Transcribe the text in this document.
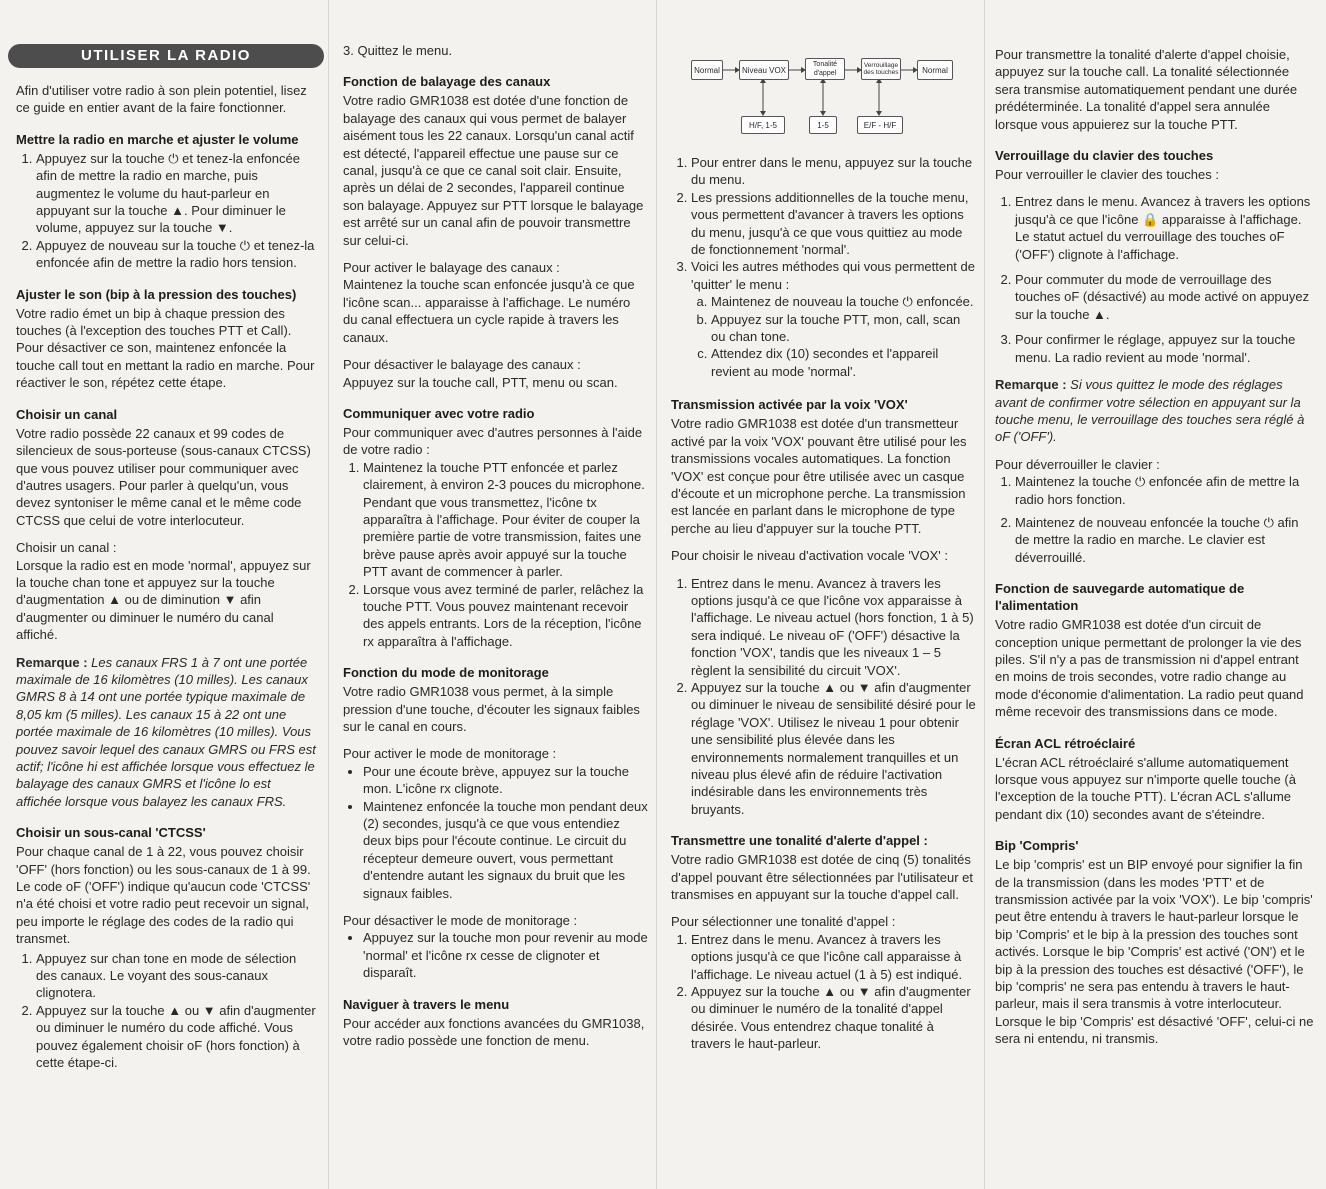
UTILISER LA RADIO

Afin d'utiliser votre radio à son plein potentiel, lisez ce guide en entier avant de la faire fonctionner.

Mettre la radio en marche et ajuster le volume
1. Appuyez sur la touche ⏻ et tenez-la enfoncée afin de mettre la radio en marche, puis augmentez le volume du haut-parleur en appuyant sur la touche ▲. Pour diminuer le volume, appuyez sur la touche ▼.
2. Appuyez de nouveau sur la touche ⏻ et tenez-la enfoncée afin de mettre la radio hors tension.
Ajuster le son (bip à la pression des touches)

Votre radio émet un bip à chaque pression des touches (à l'exception des touches PTT et Call). Pour désactiver ce son, maintenez enfoncée la touche call tout en mettant la radio en marche. Pour réactiver le son, répétez cette étape.

Choisir un canal

Votre radio possède 22 canaux et 99 codes de silencieux de sous-porteuse (sous-canaux CTCSS) que vous pouvez utiliser pour communiquer avec d'autres usagers. Pour parler à quelqu'un, vous devez syntoniser le même canal et le même code CTCSS que celui de votre interlocuteur.

Choisir un canal :

Lorsque la radio est en mode 'normal', appuyez sur la touche chan tone et appuyez sur la touche d'augmentation ▲ ou de diminution ▼ afin d'augmenter ou diminuer le numéro du canal affiché.

Remarque : Les canaux FRS 1 à 7 ont une portée maximale de 16 kilomètres (10 milles). Les canaux GMRS 8 à 14 ont une portée typique maximale de 8,05 km (5 milles). Les canaux 15 à 22 ont une portée maximale de 16 kilomètres (10 milles). Vous pouvez savoir lequel des canaux GMRS ou FRS est actif; l'icône hi est affichée lorsque vous effectuez le balayage des canaux GMRS et l'icône lo est affichée lorsque vous balayez les canaux FRS.

Choisir un sous-canal 'CTCSS'

Pour chaque canal de 1 à 22, vous pouvez choisir 'OFF' (hors fonction) ou les sous-canaux de 1 à 99. Le code oF ('OFF') indique qu'aucun code 'CTCSS' n'a été choisi et votre radio peut recevoir un signal, peu importe le réglage des codes de la radio qui transmet.

1. Appuyez sur chan tone en mode de sélection des canaux. Le voyant des sous-canaux clignotera.
2. Appuyez sur la touche ▲ ou ▼ afin d'augmenter ou diminuer le numéro du code affiché. Vous pouvez également choisir oF (hors fonction) à cette étape-ci.

3. Quittez le menu.

Fonction de balayage des canaux

Votre radio GMR1038 est dotée d'une fonction de balayage des canaux qui vous permet de balayer aisément tous les 22 canaux. Lorsqu'un canal actif est détecté, l'appareil effectue une pause sur ce canal, jusqu'à ce que ce canal soit clair. Ensuite, après un délai de 2 secondes, l'appareil continue son balayage. Appuyez sur PTT lorsque le balayage est arrêté sur un canal afin de pouvoir transmettre sur celui-ci.

Pour activer le balayage des canaux :

Maintenez la touche scan enfoncée jusqu'à ce que l'icône scan... apparaisse à l'affichage. Le numéro du canal effectuera un cycle rapide à travers les canaux.

Pour désactiver le balayage des canaux :

Appuyez sur la touche call, PTT, menu ou scan.

Communiquer avec votre radio

Pour communiquer avec d'autres personnes à l'aide de votre radio :

1. Maintenez la touche PTT enfoncée et parlez clairement, à environ 2-3 pouces du microphone. Pendant que vous transmettez, l'icône tx apparaîtra à l'affichage. Pour éviter de couper la première partie de votre transmission, faites une brève pause après avoir appuyé sur la touche PTT avant de commencer à parler.
2. Lorsque vous avez terminé de parler, relâchez la touche PTT. Vous pouvez maintenant recevoir des appels entrants. Lors de la réception, l'icône rx apparaîtra à l'affichage.
Fonction du mode de monitorage

Votre radio GMR1038 vous permet, à la simple pression d'une touche, d'écouter les signaux faibles sur le canal en cours.

Pour activer le mode de monitorage :

• Pour une écoute brève, appuyez sur la touche mon. L'icône rx clignote.
• Maintenez enfoncée la touche mon pendant deux (2) secondes, jusqu'à ce que vous entendiez deux bips pour l'écoute continue. Le circuit du récepteur demeure ouvert, vous permettant d'entendre autant les signaux du bruit que les signaux faibles.

Pour désactiver le mode de monitorage :

• Appuyez sur la touche mon pour revenir au mode 'normal' et l'icône rx cesse de clignoter et disparaît.
Naviguer à travers le menu

Pour accéder aux fonctions avancées du GMR1038, votre radio possède une fonction de menu.

Normal	Niveau VOX
Tonalité d'appel
Verrouillage des touches	Normal
H/F, 1-5	1-5	E/F - H/F
1. Pour entrer dans le menu, appuyez sur la touche du menu.
2. Les pressions additionnelles de la touche menu, vous permettent d'avancer à travers les options du menu, jusqu'à ce que vous quittiez au mode de fonctionnement 'normal'.
3. Voici les autres méthodes qui vous permettent de 'quitter' le menu :
a. Maintenez de nouveau la touche ⏻ enfoncée.
b. Appuyez sur la touche PTT, mon, call, scan ou chan tone.
c. Attendez dix (10) secondes et l'appareil revient au mode 'normal'.
Transmission activée par la voix 'VOX'

Votre radio GMR1038 est dotée d'un transmetteur activé par la voix 'VOX' pouvant être utilisé pour les transmissions vocales automatiques. La fonction 'VOX' est conçue pour être utilisée avec un casque d'écoute et un microphone perche. La transmission est lancée en parlant dans le microphone de type perche au lieu d'appuyer sur la touche PTT.

Pour choisir le niveau d'activation vocale 'VOX' :

1. Entrez dans le menu. Avancez à travers les options jusqu'à ce que l'icône vox apparaisse à l'affichage. Le niveau actuel (hors fonction, 1 à 5) sera indiqué. Le niveau oF ('OFF') désactive la fonction 'VOX', tandis que les niveaux 1 – 5 règlent la sensibilité du circuit 'VOX'.
2. Appuyez sur la touche ▲ ou ▼ afin d'augmenter ou diminuer le niveau de sensibilité désiré pour le réglage 'VOX'. Utilisez le niveau 1 pour obtenir une sensibilité plus élevée dans les environnements normalement tranquilles et un niveau plus élevé afin de réduire l'activation indésirable dans les environnements très bruyants.
Transmettre une tonalité d'alerte d'appel :

Votre radio GMR1038 est dotée de cinq (5) tonalités d'appel pouvant être sélectionnées par l'utilisateur et transmises en appuyant sur la touche d'appel call.

Pour sélectionner une tonalité d'appel :

1. Entrez dans le menu. Avancez à travers les options jusqu'à ce que l'icône call apparaisse à l'affichage. Le niveau actuel (1 à 5) est indiqué.
2. Appuyez sur la touche ▲ ou ▼ afin d'augmenter ou diminuer le numéro de la tonalité d'appel désirée. Vous entendrez chaque tonalité à travers le haut-parleur.

Pour transmettre la tonalité d'alerte d'appel choisie, appuyez sur la touche call. La tonalité sélectionnée sera transmise automatiquement pendant une durée prédéterminée. La tonalité d'appel sera annulée lorsque vous appuierez sur la touche PTT.

Verrouillage du clavier des touches

Pour verrouiller le clavier des touches :

1. Entrez dans le menu. Avancez à travers les options jusqu'à ce que l'icône 🔒 apparaisse à l'affichage. Le statut actuel du verrouillage des touches oF ('OFF') clignote à l'affichage.
2. Pour commuter du mode de verrouillage des touches oF (désactivé) au mode activé on appuyez sur la touche ▲.
3. Pour confirmer le réglage, appuyez sur la touche menu. La radio revient au mode 'normal'.

Remarque : Si vous quittez le mode des réglages avant de confirmer votre sélection en appuyant sur la touche menu, le verrouillage des touches sera réglé à oF ('OFF').

Pour déverrouiller le clavier :

1. Maintenez la touche ⏻ enfoncée afin de mettre la radio hors fonction.
2. Maintenez de nouveau enfoncée la touche ⏻ afin de mettre la radio en marche. Le clavier est déverrouillé.
Fonction de sauvegarde automatique de l'alimentation

Votre radio GMR1038 est dotée d'un circuit de conception unique permettant de prolonger la vie des piles. S'il n'y a pas de transmission ni d'appel entrant en moins de trois secondes, votre radio change au mode d'économie d'alimentation. La radio peut quand même recevoir des transmissions dans ce mode.

Écran ACL rétroéclairé

L'écran ACL rétroéclairé s'allume automatiquement lorsque vous appuyez sur n'importe quelle touche (à l'exception de la touche PTT). L'écran ACL s'allume pendant dix (10) secondes avant de s'éteindre.

Bip 'Compris'

Le bip 'compris' est un BIP envoyé pour signifier la fin de la transmission (dans les modes 'PTT' et de transmission activée par la voix 'VOX'). Le bip 'compris' peut être entendu à travers le haut-parleur lorsque le bip 'Compris' et le bip à la pression des touches sont activés. Lorsque le bip 'Compris' est activé ('ON') et le bip à la pression des touches est désactivé ('OFF'), le bip 'compris' ne sera pas entendu à travers le haut-parleur, mais il sera transmis à votre interlocuteur. Lorsque le bip 'Compris' est désactivé 'OFF', celui-ci ne sera ni entendu, ni transmis.
